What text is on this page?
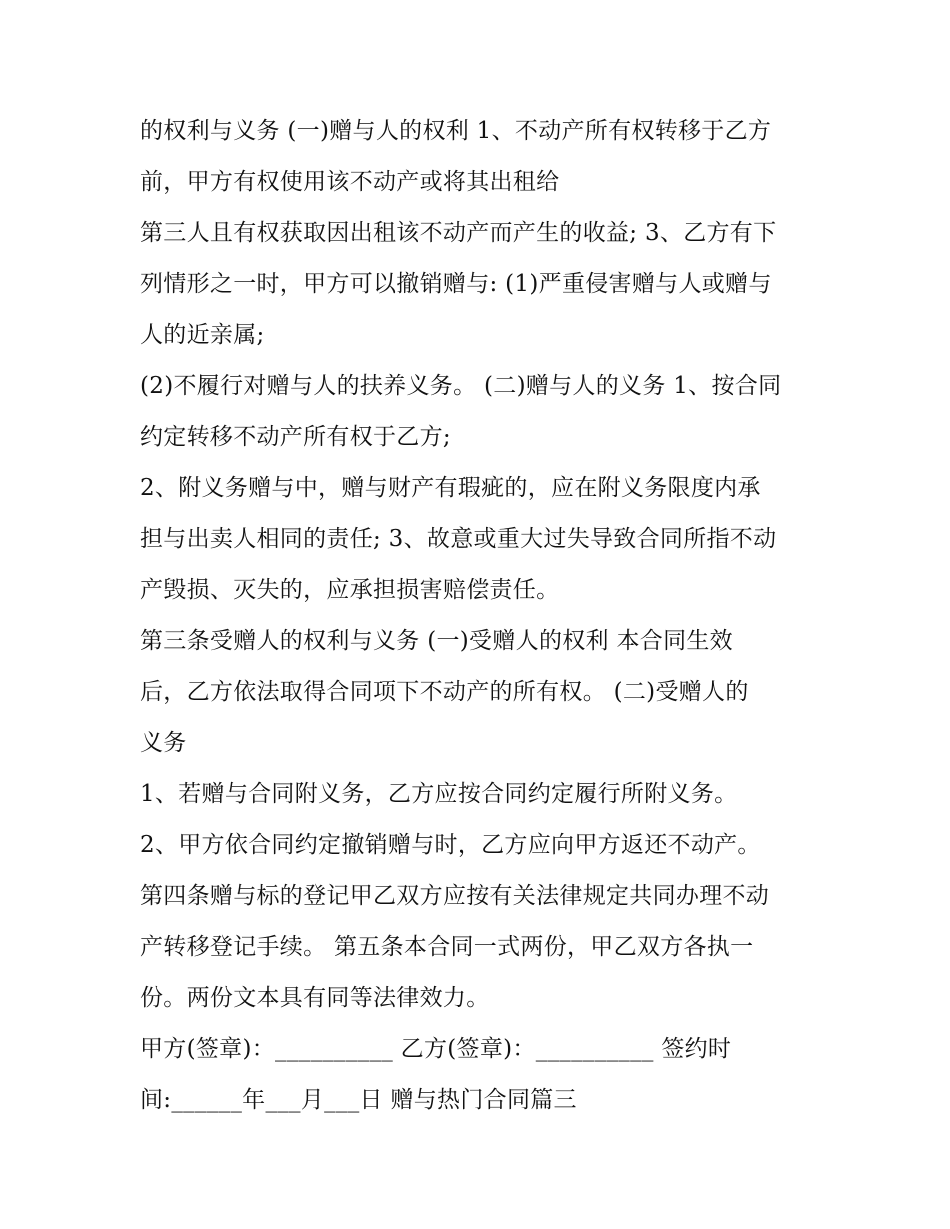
的权利与义务 (一)赠与人的权利 1、不动产所有权转移于乙方
前，甲方有权使用该不动产或将其出租给
第三人且有权获取因出租该不动产而产生的收益; 3、乙方有下
列情形之一时，甲方可以撤销赠与: (1)严重侵害赠与人或赠与
人的近亲属;
(2)不履行对赠与人的扶养义务。 (二)赠与人的义务 1、按合同
约定转移不动产所有权于乙方;
2、附义务赠与中，赠与财产有瑕疵的，应在附义务限度内承
担与出卖人相同的责任; 3、故意或重大过失导致合同所指不动
产毁损、灭失的，应承担损害赔偿责任。
第三条受赠人的权利与义务 (一)受赠人的权利 本合同生效
后，乙方依法取得合同项下不动产的所有权。 (二)受赠人的
义务
1、若赠与合同附义务，乙方应按合同约定履行所附义务。
2、甲方依合同约定撤销赠与时，乙方应向甲方返还不动产。
第四条赠与标的登记甲乙双方应按有关法律规定共同办理不动
产转移登记手续。 第五条本合同一式两份，甲乙双方各执一
份。两份文本具有同等法律效力。
甲方(签章)：__________ 乙方(签章)：__________ 签约时
间:______年___月___日 赠与热门合同篇三
